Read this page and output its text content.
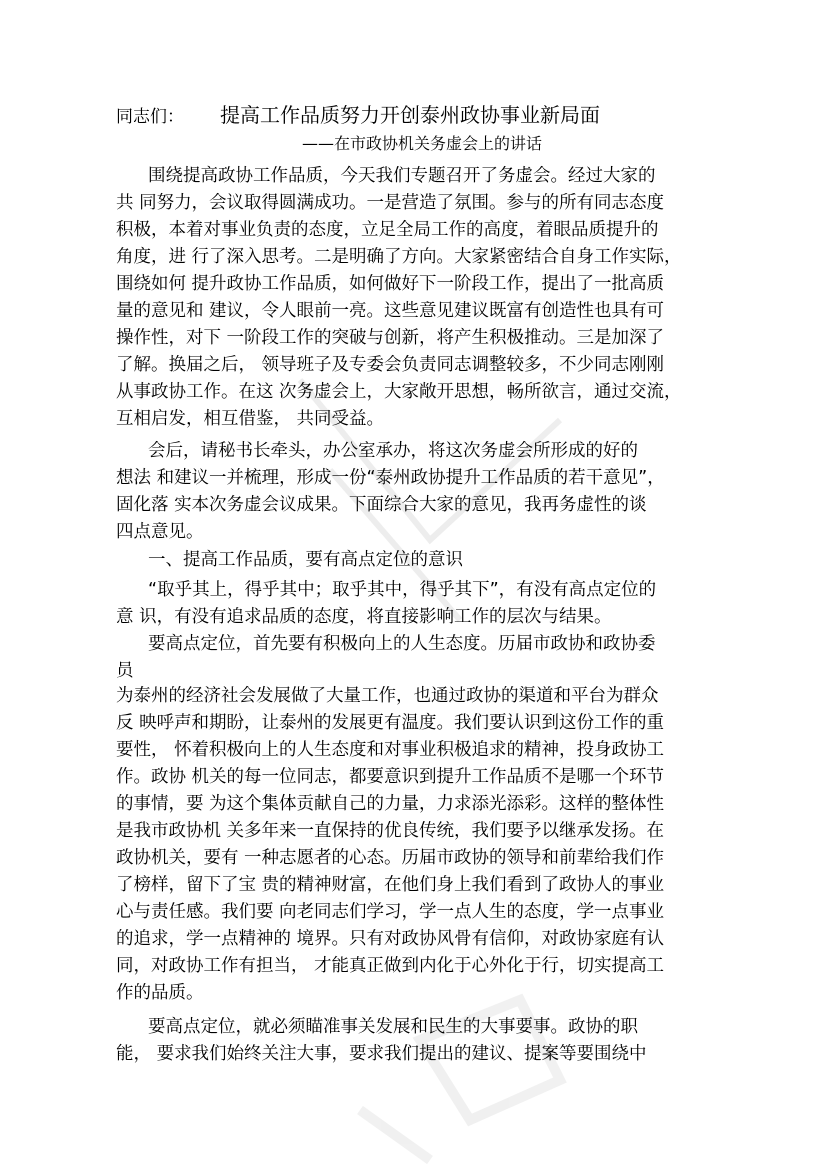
同志们： 提高工作品质努力开创泰州政协事业新局面
——在市政协机关务虚会上的讲话
围绕提高政协工作品质，今天我们专题召开了务虚会。经过大家的
共 同努力，会议取得圆满成功。一是营造了氛围。参与的所有同志态度
积极，本着对事业负责的态度，立足全局工作的高度，着眼品质提升的
角度，进 行了深入思考。二是明确了方向。大家紧密结合自身工作实际，
围绕如何 提升政协工作品质，如何做好下一阶段工作，提出了一批高质
量的意见和 建议，令人眼前一亮。这些意见建议既富有创造性也具有可
操作性，对下 一阶段工作的突破与创新，将产生积极推动。三是加深了
了解。换届之后， 领导班子及专委会负责同志调整较多，不少同志刚刚
从事政协工作。在这 次务虚会上，大家敞开思想，畅所欲言，通过交流，
互相启发，相互借鉴， 共同受益。
会后，请秘书长牵头，办公室承办，将这次务虚会所形成的好的
想法 和建议一并梳理，形成一份“泰州政协提升工作品质的若干意见”，
固化落 实本次务虚会议成果。下面综合大家的意见，我再务虚性的谈
四点意见。
一、提高工作品质，要有高点定位的意识
“取乎其上，得乎其中；取乎其中，得乎其下”，有没有高点定位的
意 识，有没有追求品质的态度，将直接影响工作的层次与结果。
要高点定位，首先要有积极向上的人生态度。历届市政协和政协委
员
为泰州的经济社会发展做了大量工作，也通过政协的渠道和平台为群众
反 映呼声和期盼，让泰州的发展更有温度。我们要认识到这份工作的重
要性， 怀着积极向上的人生态度和对事业积极追求的精神，投身政协工
作。政协 机关的每一位同志，都要意识到提升工作品质不是哪一个环节
的事情，要 为这个集体贡献自己的力量，力求添光添彩。这样的整体性
是我市政协机 关多年来一直保持的优良传统，我们要予以继承发扬。在
政协机关，要有 一种志愿者的心态。历届市政协的领导和前辈给我们作
了榜样，留下了宝 贵的精神财富，在他们身上我们看到了政协人的事业
心与责任感。我们要 向老同志们学习，学一点人生的态度，学一点事业
的追求，学一点精神的 境界。只有对政协风骨有信仰，对政协家庭有认
同，对政协工作有担当， 才能真正做到内化于心外化于行，切实提高工
作的品质。
要高点定位，就必须瞄准事关发展和民生的大事要事。政协的职
能， 要求我们始终关注大事，要求我们提出的建议、提案等要围绕中
